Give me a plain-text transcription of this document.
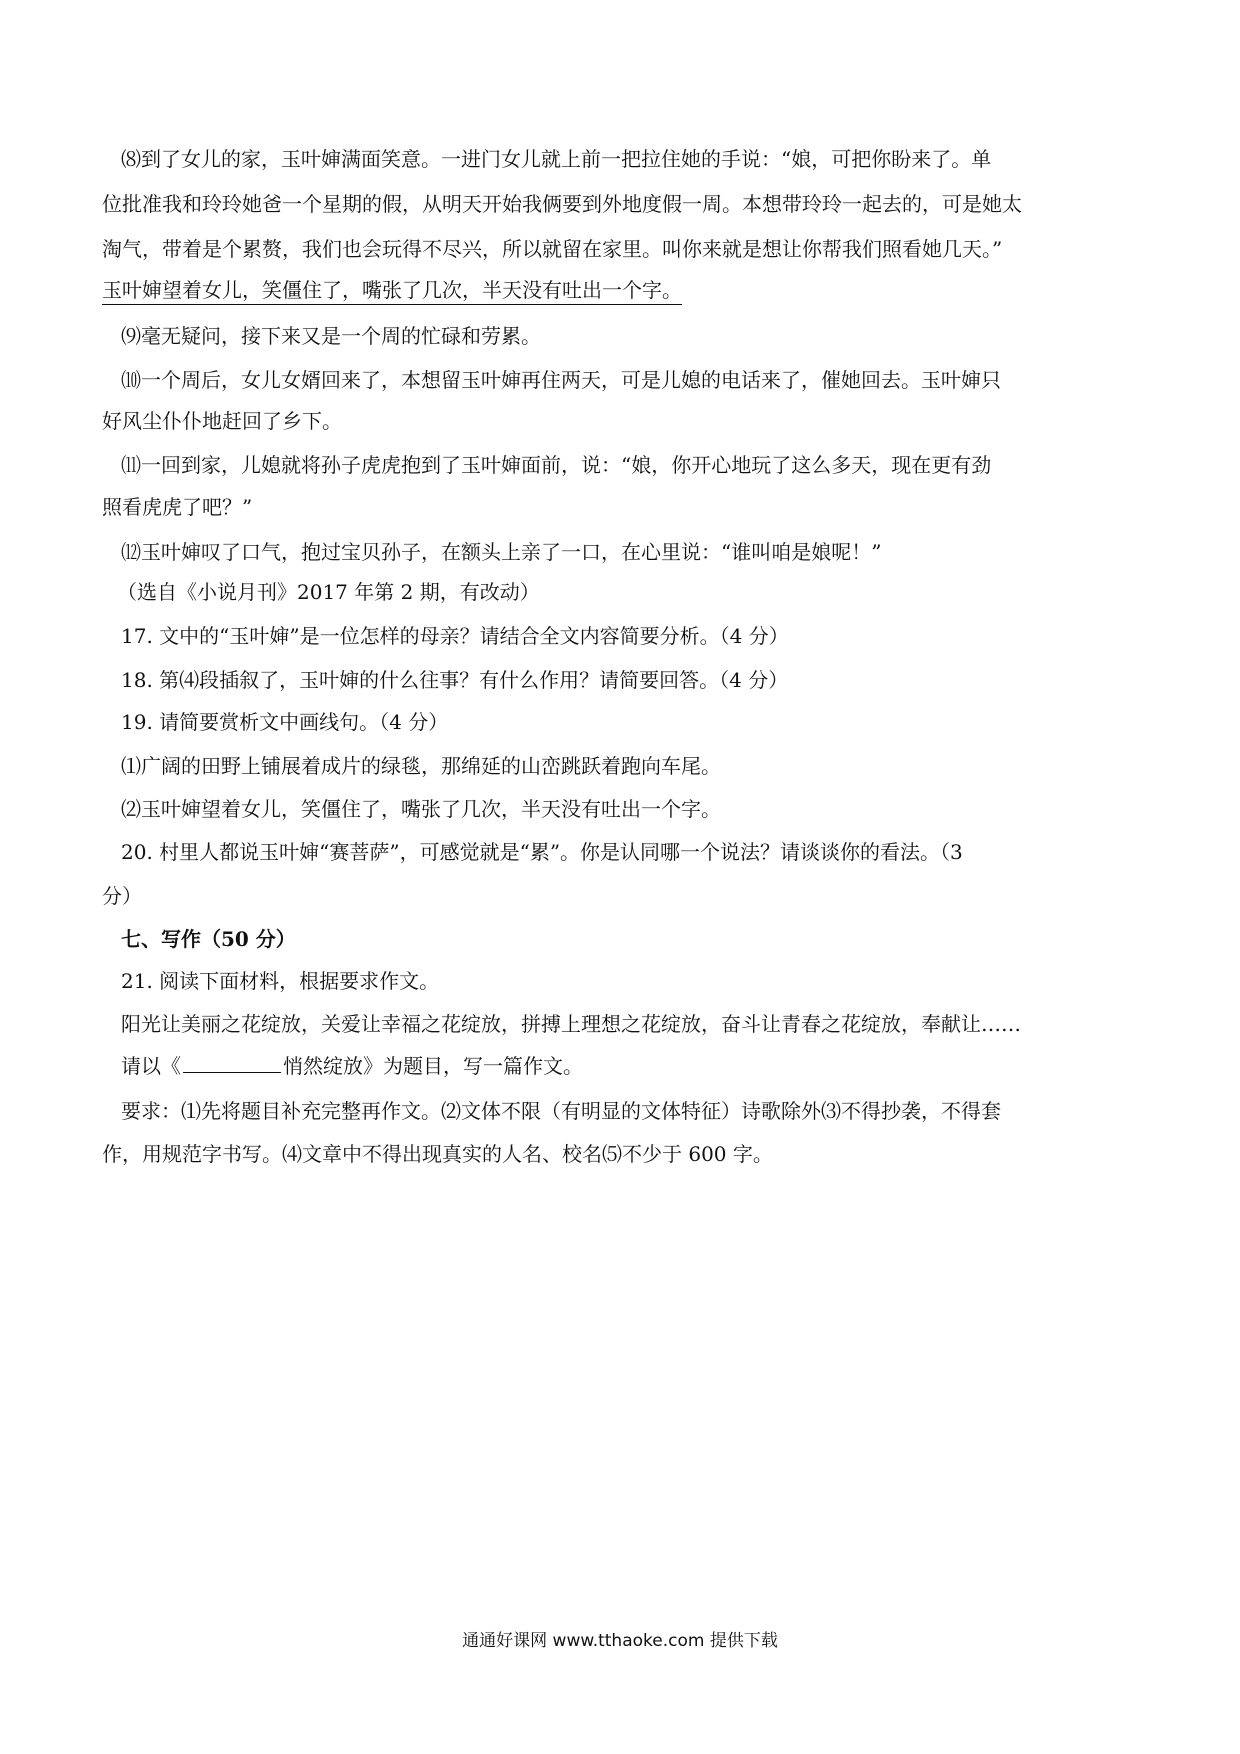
⑻到了女儿的家，玉叶婶满面笑意。一进门女儿就上前一把拉住她的手说：“娘，可把你盼来了。单
位批准我和玲玲她爸一个星期的假，从明天开始我俩要到外地度假一周。本想带玲玲一起去的，可是她太
淘气，带着是个累赘，我们也会玩得不尽兴，所以就留在家里。叫你来就是想让你帮我们照看她几天。”
玉叶婶望着女儿，笑僵住了，嘴张了几次，半天没有吐出一个字。
⑼毫无疑问，接下来又是一个周的忙碌和劳累。
⑽一个周后，女儿女婿回来了，本想留玉叶婶再住两天，可是儿媳的电话来了，催她回去。玉叶婶只
好风尘仆仆地赶回了乡下。
⑾一回到家，儿媳就将孙子虎虎抱到了玉叶婶面前，说：“娘，你开心地玩了这么多天，现在更有劲
照看虎虎了吧？”
⑿玉叶婶叹了口气，抱过宝贝孙子，在额头上亲了一口，在心里说：“谁叫咱是娘呢！”
（选自《小说月刊》2017 年第 2 期，有改动）
17. 文中的“玉叶婶”是一位怎样的母亲？请结合全文内容简要分析。（4 分）
18. 第⑷段插叙了，玉叶婶的什么往事？有什么作用？请简要回答。（4 分）
19. 请简要赏析文中画线句。（4 分）
⑴广阔的田野上铺展着成片的绿毯，那绵延的山峦跳跃着跑向车尾。
⑵玉叶婶望着女儿，笑僵住了，嘴张了几次，半天没有吐出一个字。
20. 村里人都说玉叶婶“赛菩萨”，可感觉就是“累”。你是认同哪一个说法？请谈谈你的看法。（3
分）
七、写作（50 分）
21. 阅读下面材料，根据要求作文。
阳光让美丽之花绽放，关爱让幸福之花绽放，拼搏上理想之花绽放，奋斗让青春之花绽放，奉献让……
请以《	悄然绽放》为题目，写一篇作文。
要求：⑴先将题目补充完整再作文。⑵文体不限（有明显的文体特征）诗歌除外⑶不得抄袭，不得套
作，用规范字书写。⑷文章中不得出现真实的人名、校名⑸不少于 600 字。
通通好课网 www.tthaoke.com 提供下载
